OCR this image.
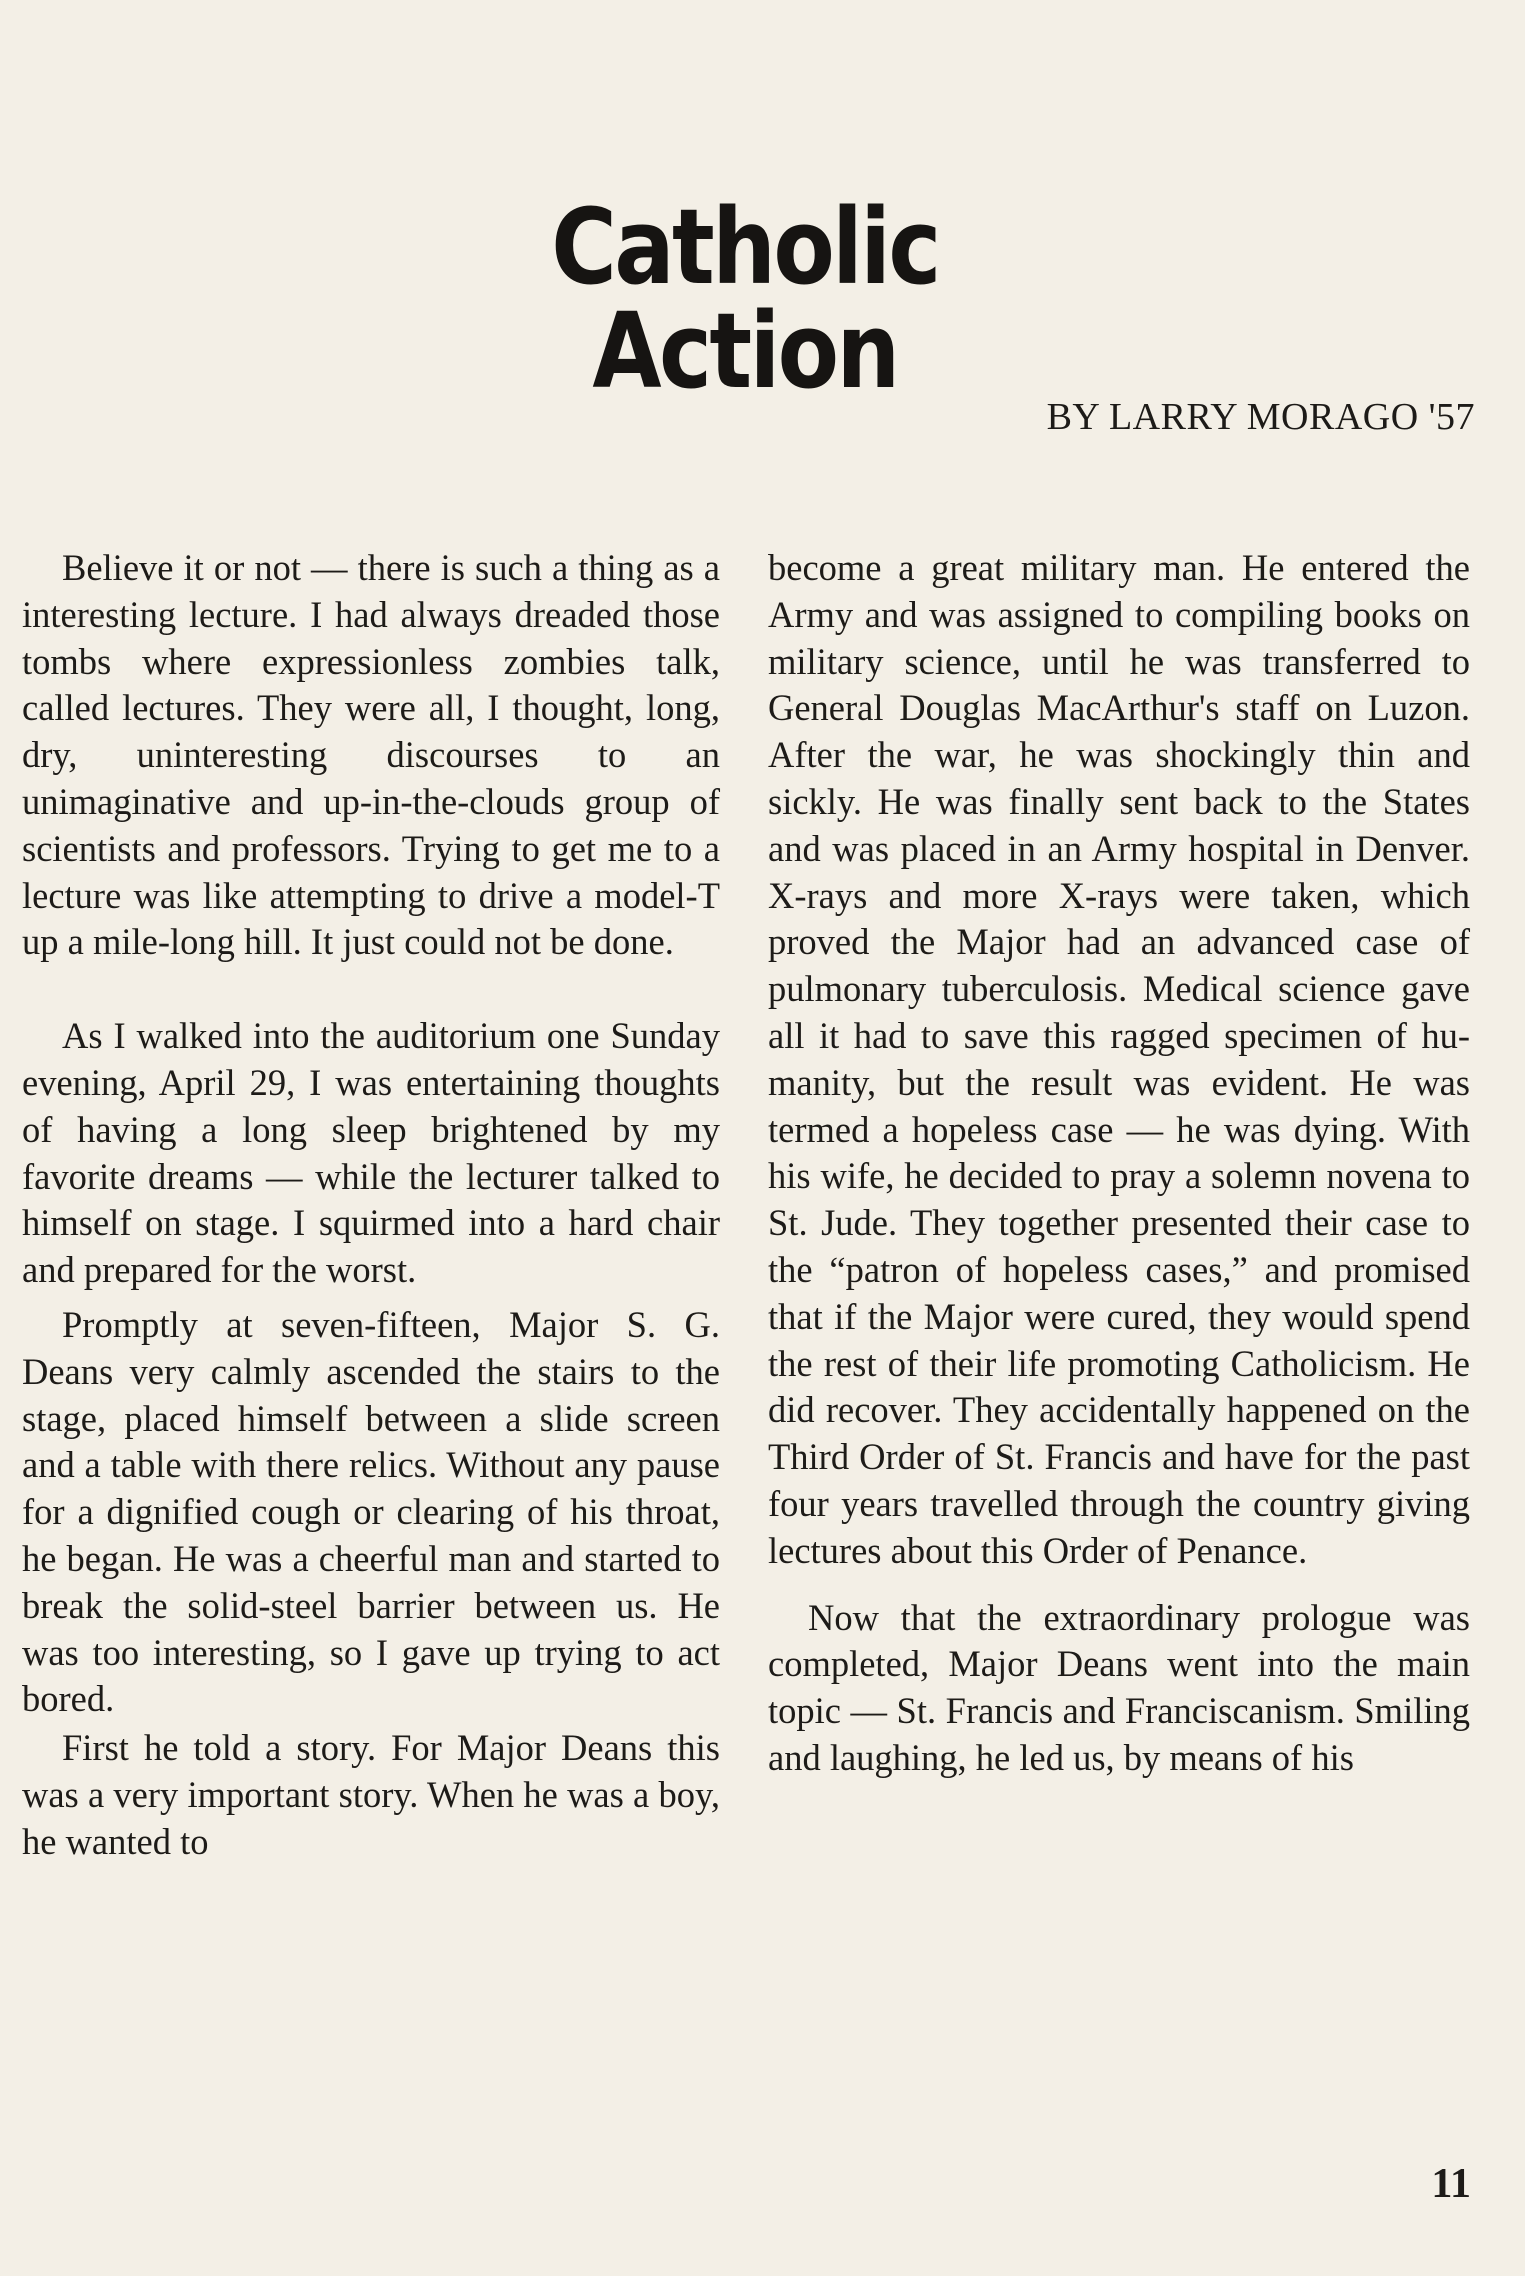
Catholic Action
BY LARRY MORAGO '57

Believe it or not — there is such a thing as a interesting lecture. I had always dreaded those tombs where expressionless zombies talk, called lectures. They were all, I thought, long, dry, uninteresting discourses to an unimaginative and up-in-the-clouds group of scientists and professors. Trying to get me to a lecture was like attempting to drive a model-T up a mile-long hill. It just could not be done.

As I walked into the auditorium one Sunday evening, April 29, I was entertaining thoughts of having a long sleep brightened by my favorite dreams — while the lecturer talked to himself on stage. I squirmed into a hard chair and prepared for the worst.

Promptly at seven-fifteen, Major S. G. Deans very calmly ascended the stairs to the stage, placed himself between a slide screen and a table with there relics. Without any pause for a dignified cough or clearing of his throat, he began. He was a cheerful man and started to break the solid-steel barrier between us. He was too interesting, so I gave up trying to act bored.

First he told a story. For Major Deans this was a very important story. When he was a boy, he wanted to

become a great military man. He entered the Army and was assigned to compiling books on military science, until he was transferred to General Douglas MacArthur's staff on Luzon. After the war, he was shockingly thin and sickly. He was finally sent back to the States and was placed in an Army hospital in Denver. X-rays and more X-rays were taken, which proved the Major had an advanced case of pulmonary tuberculosis. Medical science gave all it had to save this ragged specimen of humanity, but the result was evident. He was termed a hopeless case — he was dying. With his wife, he decided to pray a solemn novena to St. Jude. They together presented their case to the “patron of hopeless cases,” and promised that if the Major were cured, they would spend the rest of their life promoting Catholicism. He did recover. They accidentally happened on the Third Order of St. Francis and have for the past four years travelled through the country giving lectures about this Order of Penance.

Now that the extraordinary prologue was completed, Major Deans went into the main topic — St. Francis and Franciscanism. Smiling and laughing, he led us, by means of his

11
